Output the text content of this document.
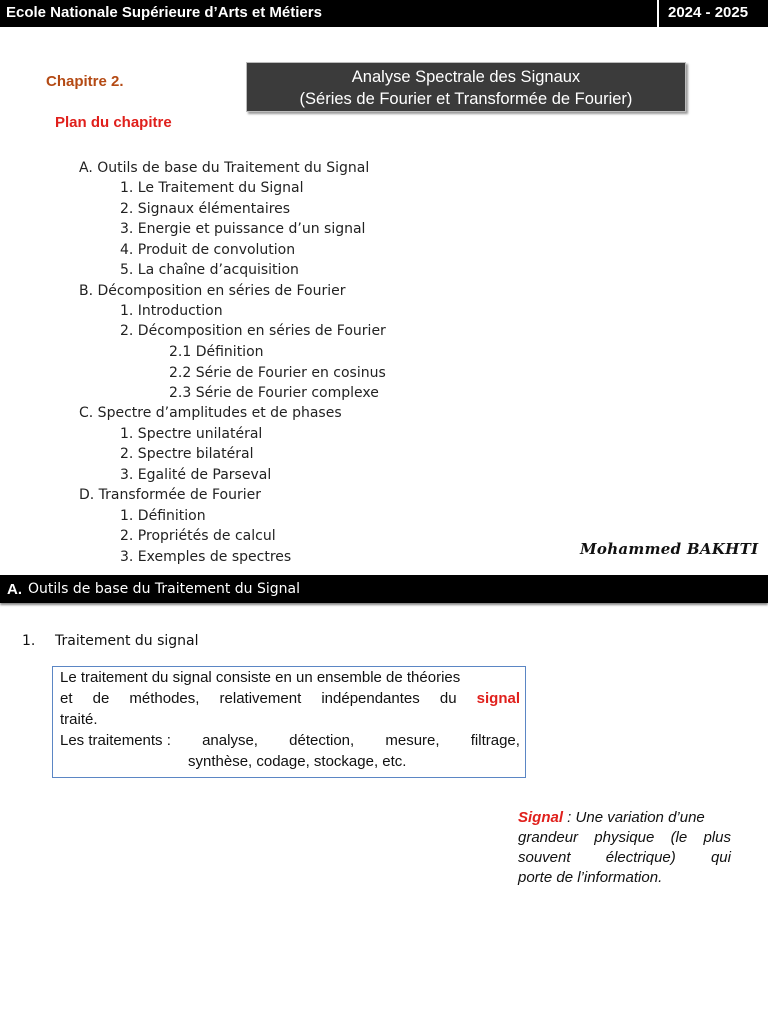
Ecole Nationale Supérieure d’Arts et Métiers	2024 - 2025
Chapitre 2.	Analyse Spectrale des Signaux
(Séries de Fourier et Transformée de Fourier)
Plan du chapitre
A. Outils de base du Traitement du Signal
1. Le Traitement du Signal
2. Signaux élémentaires
3. Energie et puissance d’un signal
4. Produit de convolution
5. La chaîne d’acquisition
B. Décomposition en séries de Fourier
1. Introduction
2. Décomposition en séries de Fourier
2.1 Définition
2.2 Série de Fourier en cosinus
2.3 Série de Fourier complexe
C. Spectre d’amplitudes et de phases
1. Spectre unilatéral
2. Spectre bilatéral
3. Egalité de Parseval
D. Transformée de Fourier
1. Définition
2. Propriétés de calcul
3. Exemples de spectres	Mohammed BAKHTI
A. Outils de base du Traitement du Signal
1. Traitement du signal
Le traitement du signal consiste en un ensemble de théories
et de méthodes, relativement indépendantes du signal
traité.
Les traitements : analyse, détection, mesure, filtrage,
synthèse, codage, stockage, etc.
Signal : Une variation d’une
grandeur physique (le plus
souvent électrique) qui
porte de l’information.
